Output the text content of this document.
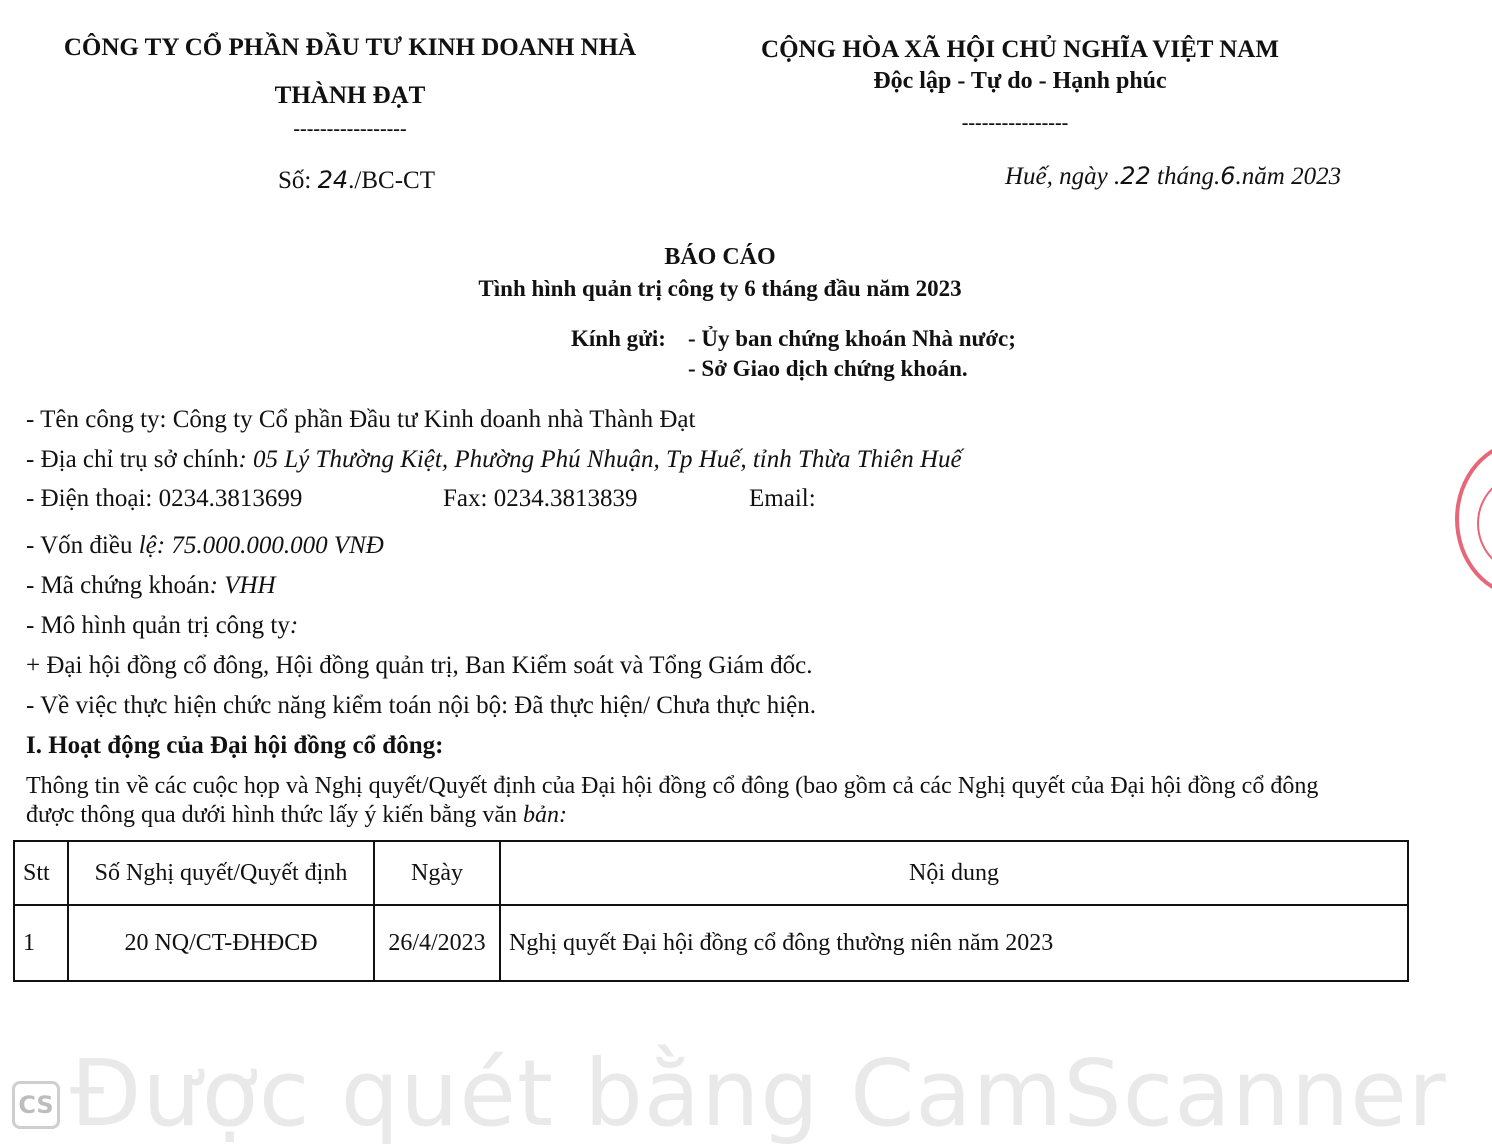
CÔNG TY CỔ PHẦN ĐẦU TƯ KINH DOANH NHÀ
THÀNH ĐẠT
-----------------
CỘNG HÒA XÃ HỘI CHỦ NGHĨA VIỆT NAM
Độc lập - Tự do - Hạnh phúc
----------------
Số: 24./BC-CT	Huế, ngày .22 tháng.6.năm 2023
BÁO CÁO
Tình hình quản trị công ty 6 tháng đầu năm 2023
Kính gửi: - Ủy ban chứng khoán Nhà nước;
- Sở Giao dịch chứng khoán.
- Tên công ty: Công ty Cổ phần Đầu tư Kinh doanh nhà Thành Đạt
- Địa chỉ trụ sở chính: 05 Lý Thường Kiệt, Phường Phú Nhuận, Tp Huế, tỉnh Thừa Thiên Huế
- Điện thoại: 0234.3813699	Fax: 0234.3813839	Email:
- Vốn điều lệ: 75.000.000.000 VNĐ
- Mã chứng khoán: VHH
- Mô hình quản trị công ty:
+ Đại hội đồng cổ đông, Hội đồng quản trị, Ban Kiểm soát và Tổng Giám đốc.
- Về việc thực hiện chức năng kiểm toán nội bộ: Đã thực hiện/ Chưa thực hiện.
I. Hoạt động của Đại hội đồng cổ đông:
Thông tin về các cuộc họp và Nghị quyết/Quyết định của Đại hội đồng cổ đông (bao gồm cả các Nghị quyết của Đại hội đồng cổ đông
được thông qua dưới hình thức lấy ý kiến bằng văn bản:
Stt	Số Nghị quyết/Quyết định	Ngày	Nội dung
1	20 NQ/CT-ĐHĐCĐ	26/4/2023	Nghị quyết Đại hội đồng cổ đông thường niên năm 2023
CS Được quét bằng CamScanner
